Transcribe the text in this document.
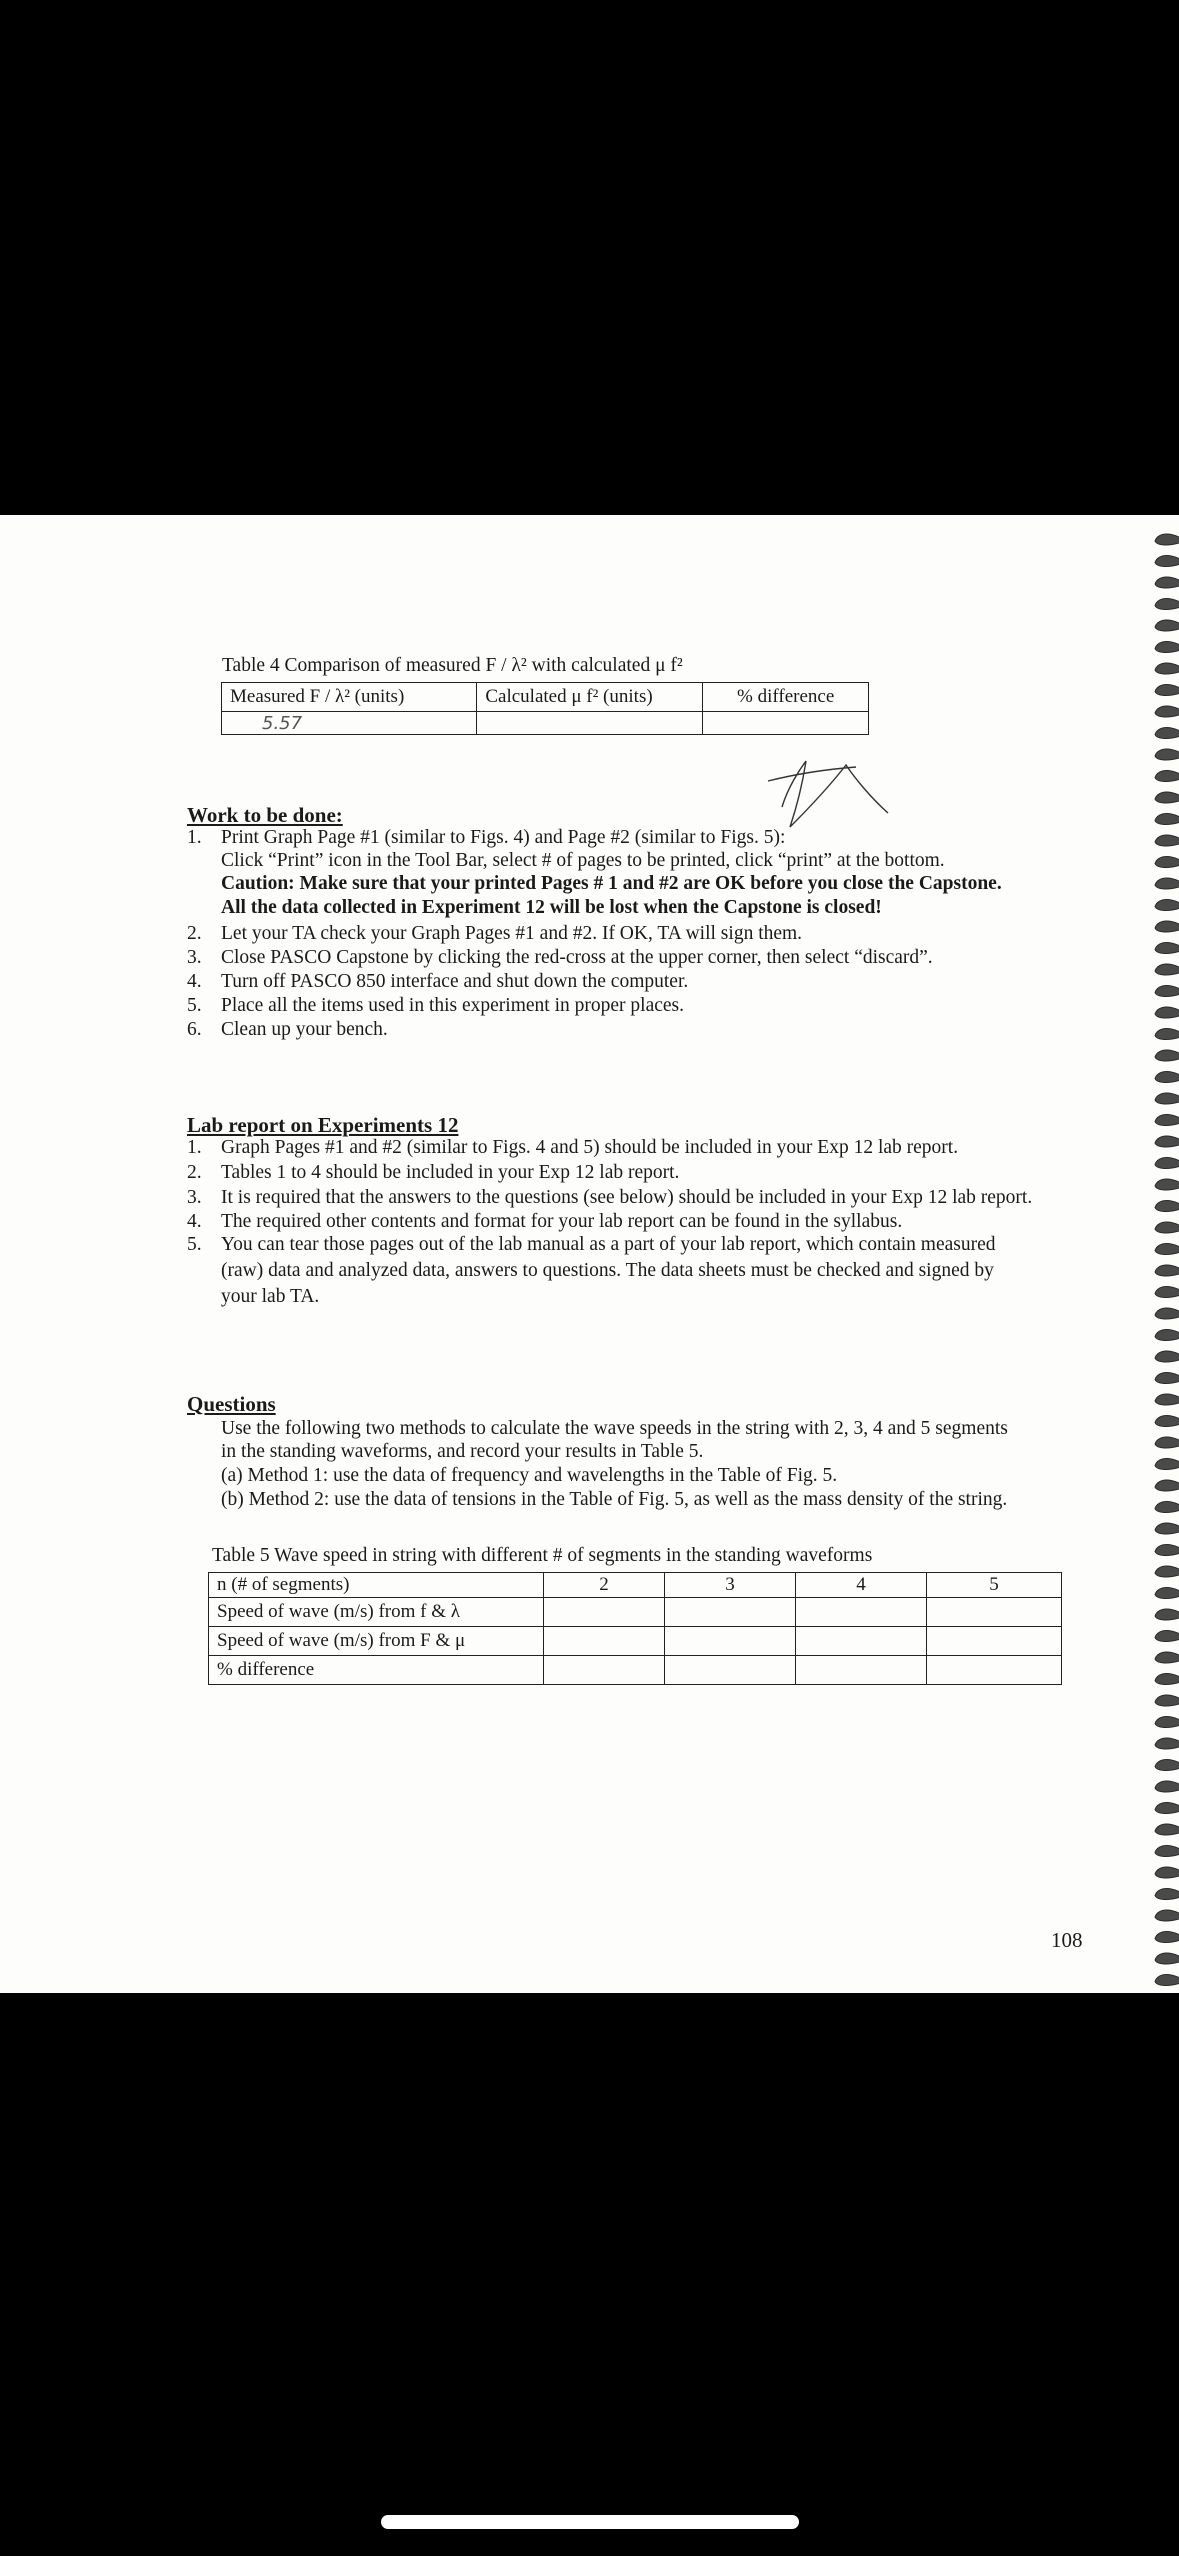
Table 4 Comparison of measured F / λ² with calculated μ f²
Measured F / λ² (units)	Calculated μ f² (units)	% difference
5.57		
Work to be done:
1. Print Graph Page #1 (similar to Figs. 4) and Page #2 (similar to Figs. 5):
Click “Print” icon in the Tool Bar, select # of pages to be printed, click “print” at the bottom.
Caution: Make sure that your printed Pages # 1 and #2 are OK before you close the Capstone.
All the data collected in Experiment 12 will be lost when the Capstone is closed!
2. Let your TA check your Graph Pages #1 and #2. If OK, TA will sign them.
3. Close PASCO Capstone by clicking the red-cross at the upper corner, then select “discard”.
4. Turn off PASCO 850 interface and shut down the computer.
5. Place all the items used in this experiment in proper places.
6. Clean up your bench.
Lab report on Experiments 12
1. Graph Pages #1 and #2 (similar to Figs. 4 and 5) should be included in your Exp 12 lab report.
2. Tables 1 to 4 should be included in your Exp 12 lab report.
3. It is required that the answers to the questions (see below) should be included in your Exp 12 lab report.
4. The required other contents and format for your lab report can be found in the syllabus.
5. You can tear those pages out of the lab manual as a part of your lab report, which contain measured
(raw) data and analyzed data, answers to questions. The data sheets must be checked and signed by
your lab TA.
Questions
Use the following two methods to calculate the wave speeds in the string with 2, 3, 4 and 5 segments
in the standing waveforms, and record your results in Table 5.
(a) Method 1: use the data of frequency and wavelengths in the Table of Fig. 5.
(b) Method 2: use the data of tensions in the Table of Fig. 5, as well as the mass density of the string.
Table 5 Wave speed in string with different # of segments in the standing waveforms
n (# of segments)	2	3	4	5
Speed of wave (m/s) from f & λ				
Speed of wave (m/s) from F & μ				
% difference				
108
